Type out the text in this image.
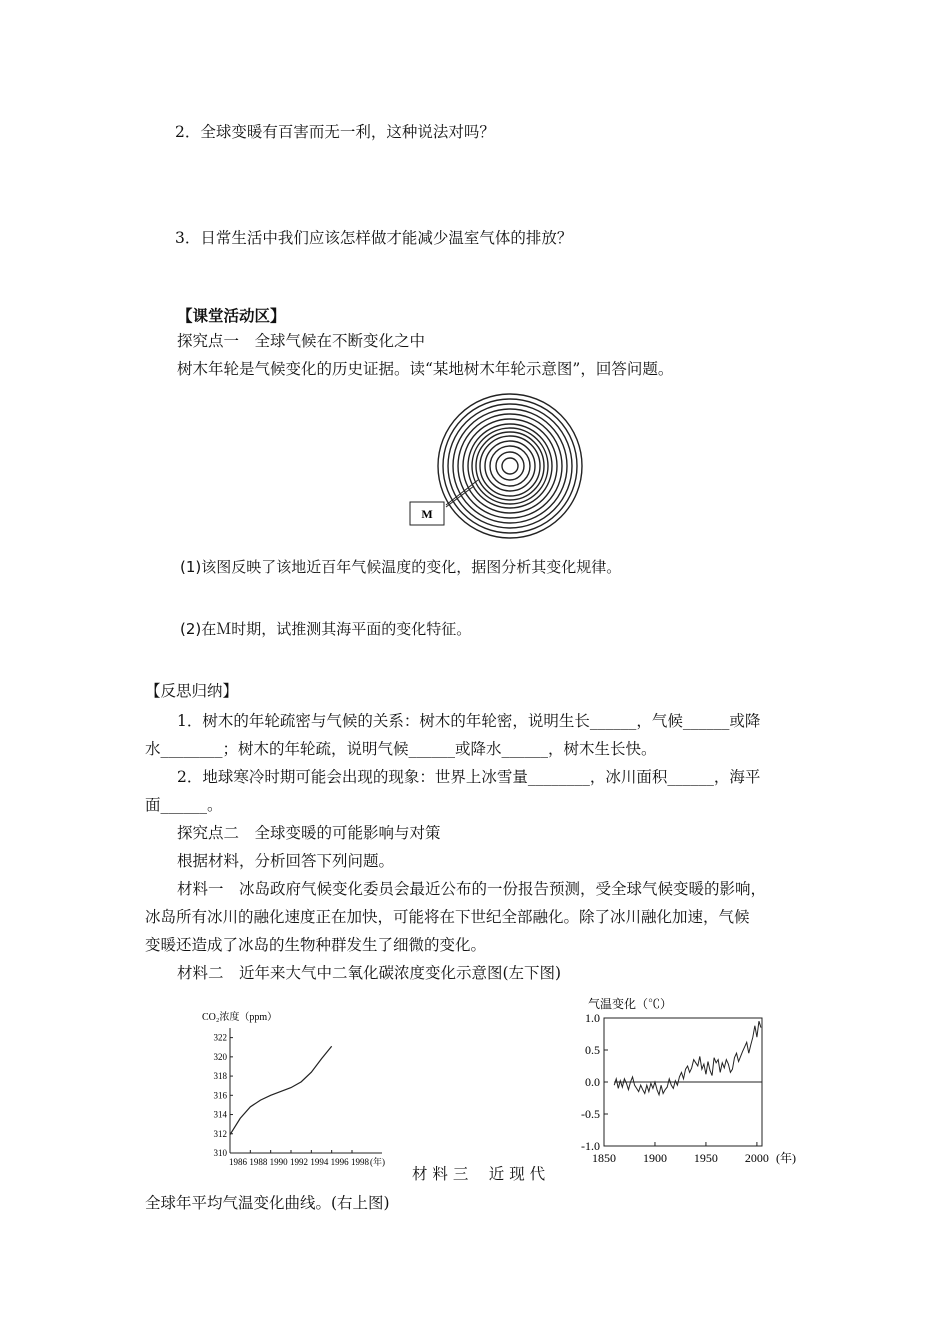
2．全球变暖有百害而无一利，这种说法对吗？
3．日常生活中我们应该怎样做才能减少温室气体的排放？
【课堂活动区】
探究点一　全球气候在不断变化之中
树木年轮是气候变化的历史证据。读“某地树木年轮示意图”，回答问题。
M
(1)该图反映了该地近百年气候温度的变化，据图分析其变化规律。
(2)在Ｍ时期，试推测其海平面的变化特征。
【反思归纳】
1．树木的年轮疏密与气候的关系：树木的年轮密，说明生长______，气候______或降
水________；树木的年轮疏，说明气候______或降水______，树木生长快。
2．地球寒冷时期可能会出现的现象：世界上冰雪量________，冰川面积______，海平
面______。
探究点二　全球变暖的可能影响与对策
根据材料，分析回答下列问题。
材料一　冰岛政府气候变化委员会最近公布的一份报告预测，受全球气候变暖的影响，
冰岛所有冰川的融化速度正在加快，可能将在下世纪全部融化。除了冰川融化加速，气候
变暖还造成了冰岛的生物种群发生了细微的变化。
材料二　近年来大气中二氧化碳浓度变化示意图(左下图)
CO₂浓度（ppm）
310
312
314
316
318
320
322
1986 1988 1990 1992 1994 1996 1998 (年)
气温变化（℃）
1.0
0.5
0.0
-0.5
-1.0
1850 1900 1950 2000 (年)
材 料 三　 近 现 代
全球年平均气温变化曲线。(右上图)
